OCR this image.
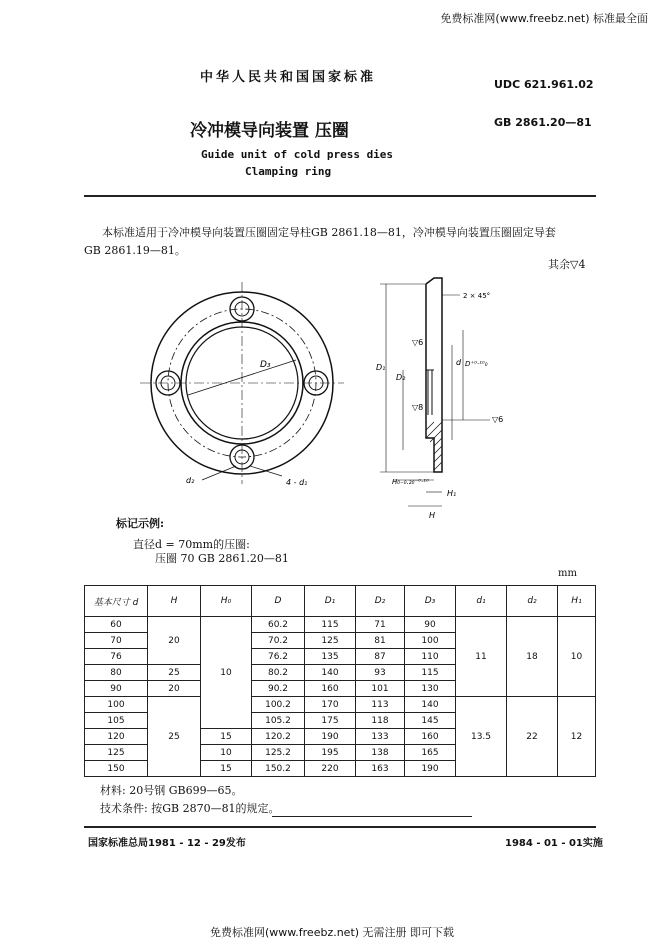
免费标准网(www.freebz.net) 标准最全面
中华人民共和国国家标准	UDC 621.961.02
冷冲模导向装置 压圈	GB 2861.20—81
Guide unit of cold press dies
Clamping ring
本标准适用于冷冲模导向装置压圈固定导柱GB 2861.18—81，冷冲模导向装置压圈固定导套
GB 2861.19—81。
其余▽4
D₃
d₂	4 - d₁
2 × 45°
D₁
D₂
d D⁺⁰·¹⁰₀
▽6
▽8
▽6
H₀₋₀.₂₀⁻⁰·¹⁰
H₁
H
标记示例:
直径d = 70mm的压圈:
压圈 70 GB 2861.20—81
mm
基本尺寸 d	H	H₀	D	D₁	D₂	D₃	d₁	d₂	H₁
60	20		60.2	115	71	90	11	18	10
70			70.2	125	81	100			
76			76.2	135	87	110			
80	25	10	80.2	140	93	115			
90	20		90.2	160	101	130			
100	25		100.2	170	113	140	13.5	22	12
105			105.2	175	118	145			
120		15	120.2	190	133	160			
125		10	125.2	195	138	165			
150		15	150.2	220	163	190			
材料: 20号钢 GB699—65。
技术条件: 按GB 2870—81的规定。
国家标准总局1981 - 12 - 29发布	1984 - 01 - 01实施
免费标准网(www.freebz.net) 无需注册 即可下载
